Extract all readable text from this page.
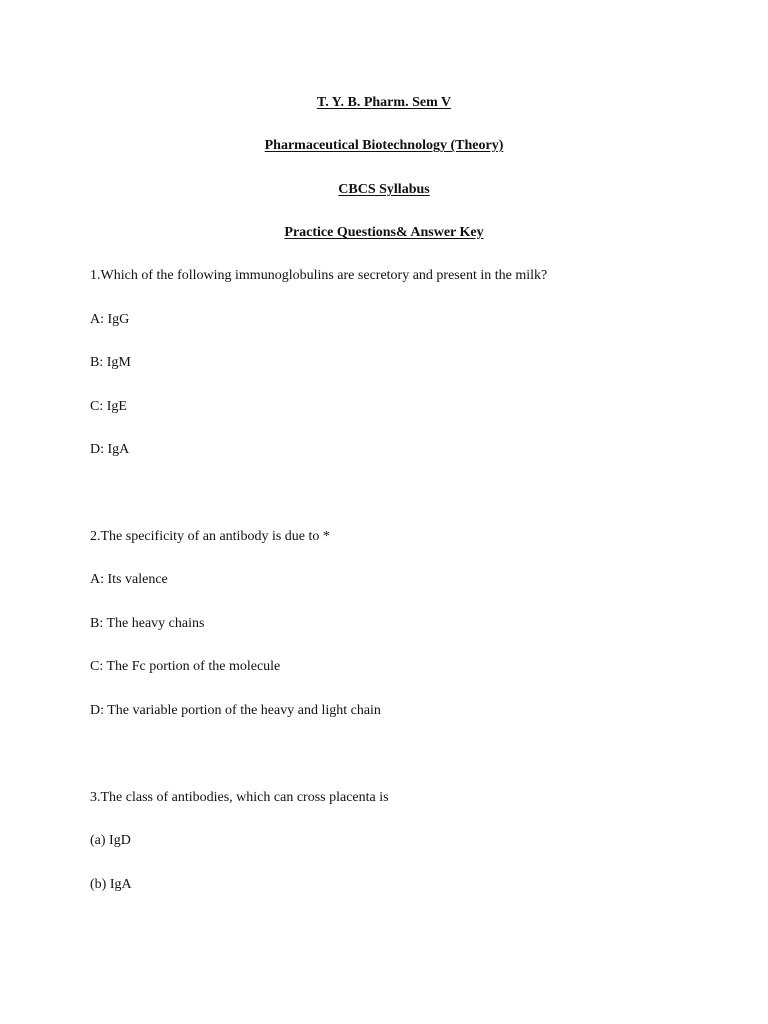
T. Y. B. Pharm. Sem V
Pharmaceutical Biotechnology (Theory)
CBCS Syllabus
Practice Questions& Answer Key
1.Which of the following immunoglobulins are secretory and present in the milk?
A: IgG
B: IgM
C: IgE
D: IgA
2.The specificity of an antibody is due to *
A: Its valence
B: The heavy chains
C: The Fc portion of the molecule
D: The variable portion of the heavy and light chain
3.The class of antibodies, which can cross placenta is
(a) IgD
(b) IgA
